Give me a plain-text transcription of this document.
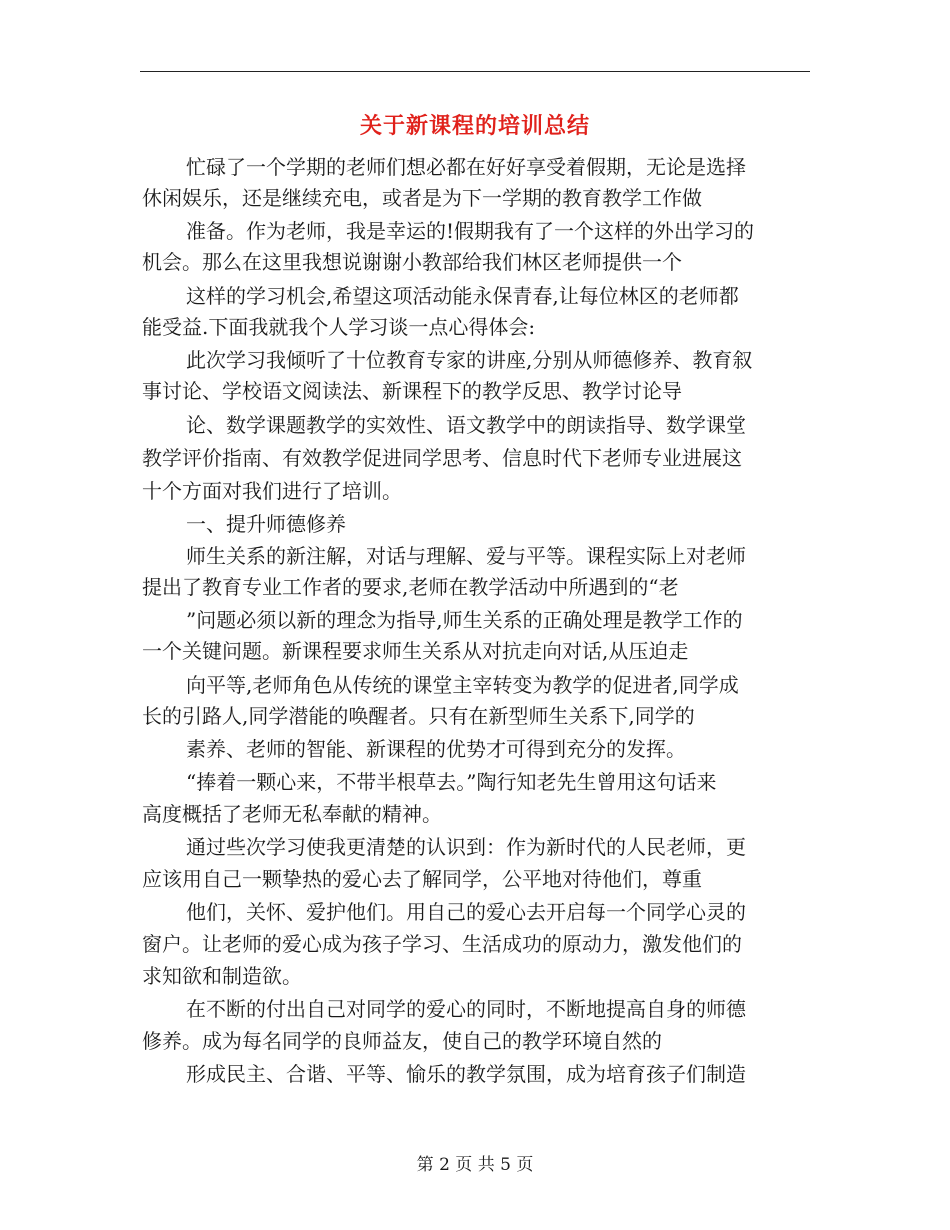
关于新课程的培训总结
忙碌了一个学期的老师们想必都在好好享受着假期，无论是选择
休闲娱乐，还是继续充电，或者是为下一学期的教育教学工作做
准备。作为老师，我是幸运的!假期我有了一个这样的外出学习的
机会。那么在这里我想说谢谢小教部给我们林区老师提供一个
这样的学习机会,希望这项活动能永保青春,让每位林区的老师都
能受益.下面我就我个人学习谈一点心得体会:
此次学习我倾听了十位教育专家的讲座,分别从师德修养、教育叙
事讨论、学校语文阅读法、新课程下的教学反思、教学讨论导
论、数学课题教学的实效性、语文教学中的朗读指导、数学课堂
教学评价指南、有效教学促进同学思考、信息时代下老师专业进展这
十个方面对我们进行了培训。
一、提升师德修养
师生关系的新注解，对话与理解、爱与平等。课程实际上对老师
提出了教育专业工作者的要求,老师在教学活动中所遇到的“老
”问题必须以新的理念为指导,师生关系的正确处理是教学工作的
一个关键问题。新课程要求师生关系从对抗走向对话,从压迫走
向平等,老师角色从传统的课堂主宰转变为教学的促进者,同学成
长的引路人,同学潜能的唤醒者。只有在新型师生关系下,同学的
素养、老师的智能、新课程的优势才可得到充分的发挥。
“捧着一颗心来，不带半根草去。”陶行知老先生曾用这句话来
高度概括了老师无私奉献的精神。
通过些次学习使我更清楚的认识到：作为新时代的人民老师，更
应该用自己一颗挚热的爱心去了解同学，公平地对待他们，尊重
他们，关怀、爱护他们。用自己的爱心去开启每一个同学心灵的
窗户。让老师的爱心成为孩子学习、生活成功的原动力，激发他们的
求知欲和制造欲。
在不断的付出自己对同学的爱心的同时，不断地提高自身的师德
修养。成为每名同学的良师益友，使自己的教学环境自然的
形成民主、合谐、平等、愉乐的教学氛围，成为培育孩子们制造
第 2 页 共 5 页
